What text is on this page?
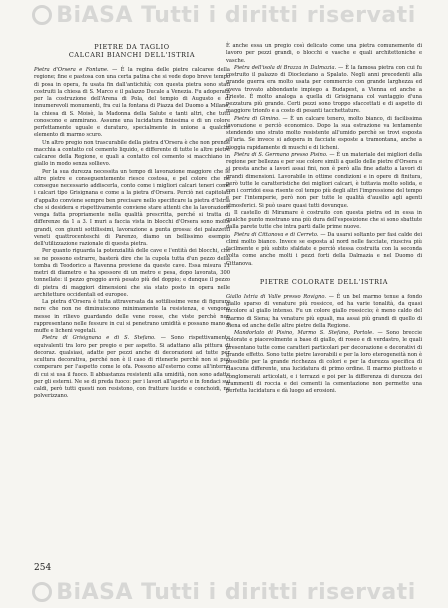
BiASA Tutti i diritti riservati
PIETRE DA TAGLIO
CALCARI BIANCHI DELL'ISTRIA

Pietra d'Orsera e Fontane. — È la regina delle pietre calcaree della regione; fine e pastosa con una certa patina che si vede dopo breve tempo di posa in opera, fu usata fin dall'antichità; con questa pietra sono stati costruiti la chiesa di S. Marco e il palazzo Ducale a Venezia. Fu adoperata per la costruzione dell'Arena di Pola, del tempio di Augusto e di innumerevoli monumenti, fra cui la fontana di Piazza del Duomo a Milano, la chiesa di S. Moisè, la Madonna della Salute e tanti altri, che tutti conoscono e ammirano. Assume una lucidatura finissima e di un colore perfettamente uguale e duraturo, specialmente in unione a qualche elemento di marmo scuro.

Un altro pregio non trascurabile della pietra d'Orsera è che non prende macchia a contatto col cemento liquido, e differente di tutte le altre pietre calcaree della Regione, e quali a contatto col cemento si macchiano in giallo in modo senza sollievo.

Per la sua durezza necessita un tempo di lavorazione maggiore che le altre pietre e conseguentemente riesce costosa, e pel colore che ne consegue necessario addiscerla, conto come i migliori calcari teneri come i calcari tipo Grisignana e come a la pietra d'Orsera. Perciò nei capitolati d'appalto conviene sempre ben precisare nello specificare la pietra d'Istria che si desidera e rispettivamente conviene stare attenti che la lavorazione venga fatta propriamente nella qualità prescritta, perché si tratta di differenze da 1 a 3. I muri a faccia vista in blocchi d'Orsera sono molto grandi, con giunti sottilissimi, lavorazione a punta grossa: dei palazzetti veneti quattrocenteschi di Parenzo, diamo un bellissimo esempio dell'utilizzazione razionale di questa pietra.

Per quanto riguarda la potenzialità delle cave e l'entità dei blocchi, che se ne possono estrarre, basterà dire che la cupola tutta d'un pezzo della tomba di Teodorico a Ravenna proviene da queste cave. Essa misura 11 metri di diametro e ha spessore di un metro e pesa, dopo lavorata, 300 tonnellate: il pezzo greggio avrà pesato più del doppio; e dunque il pezzo di pietra di maggiori dimensioni che sia stato posto in opera nelle architetture occidentali ed europee.

La pietra d'Orsera è tutta attraversata da sottilissime vene di figurare nere che non ne diminuiscono minimamente la resistenza, e vengono messe in rilievo guardando delle vene rosse, che viste perchè non rappresentano nelle fessure in cui si penetrano umidità e possano mano a muffe e licheni vegetali.

Pietra di Grisignana e di S. Stefano. — Sono rispettivamente equivalenti tra loro per pregio e per aspetto. Si adattano alla pittura di decoraz. qualsiasi, adatte per pezzi anche di decorazioni ad tutte per scultura decorativa, perché non è il caso di ritenerle perchè non si può comperare per l'aspetto come le ofa. Possono all'esterno come all'interno di cui si usa il fuoco. Il abbastanza resistenti alla umidità, non sono adatte per gli esterni. Ne se di preda fuoco: per i lavori all'aperto e in fondaci sui caldi, però tutti questi non resistono, con fratture lucide e conchoidi, ne polverizzano.

È anche essa un pregio così delicato come una pietra comunemente di lavoro per pezzi grandi, o blocchi e vasche e quali architettoniche e vasche.

Pietra dell'isola di Brazza in Dalmazia. — È la famosa pietra con cui fu costruito il palazzo di Diocleziano a Spalato. Negli anni precedenti alla grande guerra era molto usata per commercio con grande larghezza ed aveva trovato abbondante impiego a Budapest, a Vienna ed anche a Trieste. È molto analoga a quella di Grisignana col vantaggio d'una pezzatura più grande. Certi pezzi sono troppo sfaccettati e di aspetto di maggiore trionfo e a costo di pesanti tacchettature.

Pietra di Gimino. — È un calcare tenero, molto bianco, di facilissima lavorazione e perciò economico. Dopo la sua estrazione va lentamente stendendo uno strato molto resistente all'umido perchè se trovi esposta all'aria. Se invece si adopera in facciate esposte a tramontana, anche a pioggia rapidamente di muschi e di licheni.

Pietra di S. Germano presso Pisino. — È un materiale dei migliori della regione per bellezza e per sue colore simili a quello delle pietre d'Orsera e si presta anche a lavori assai fini, non è però alla fine adatto a lavori di grandi dimensioni. Lavorabile in ottime condizioni e in opere di finitura, però tutte le caratteristiche dei migliori calcari, è tuttavia molto solida, e con i corridoi essa risente col tempo più degli altri l'impressione del tempo e per l'intemperie, però non per tutte le qualità d'ausilio agli agenti atmosferici. Si può usare quasi tutti dovunque.

Il castello di Miramare è costruito con questa pietra ed in essa in qualche punto mostrano una più dura dell'esposizione che si sono sbattute dalla parete tutte che intra parti dalle prime nuove.

Pietra di Cittanova e di Cerreto. — Da usarsi soltanto per fasi calde dei climi molto bianco. Invece se esposta al nord nelle facciate, riusciva più facilmente e più subito sfaldate e perciò stessa costruita con la seconda volta come anche molti i pezzi forti della Dalmazia e nel Duomo di Cittanova.

PIETRE COLORATE DELL'ISTRIA

Giallo Istria di Valle presso Rovigno. — È un bel marmo tenue a fondo giallo sparso di venature più rossicce, ed ha varie tonalità, da quasi incolore al giallo intenso. Fu un colore giallo rossiccio; è meno caldo del marmo di Siena; ha venature più eguali, ma assai più grandi di quello di Siena ed anche delle altre pietre della Regione.

Mandorlato di Pisino, Marmo S. Stefano, Portole. — Sono breccie colorate e piacevolmente a base di giallo, di roseo e di verdastro, le quali presentano tutte come caratteri particolari per decorazione e decorativi di grande effetto. Sono tutte pietre lavorabili e per la loro eterogeneità non è possibile per la grande ricchezza di colori e per la durezza specifica di ciascuna differente, una lucidatura di primo ordine. Il marmo piuttosto e conglomerati articolati, e i terrazzi e poi per la differenza di durezza dei frammenti di roccia e dei cementi la cementazione non permette una perfetta lucidatura e dà luogo ad erosioni.

254
BiASA Tutti i diritti riservati
